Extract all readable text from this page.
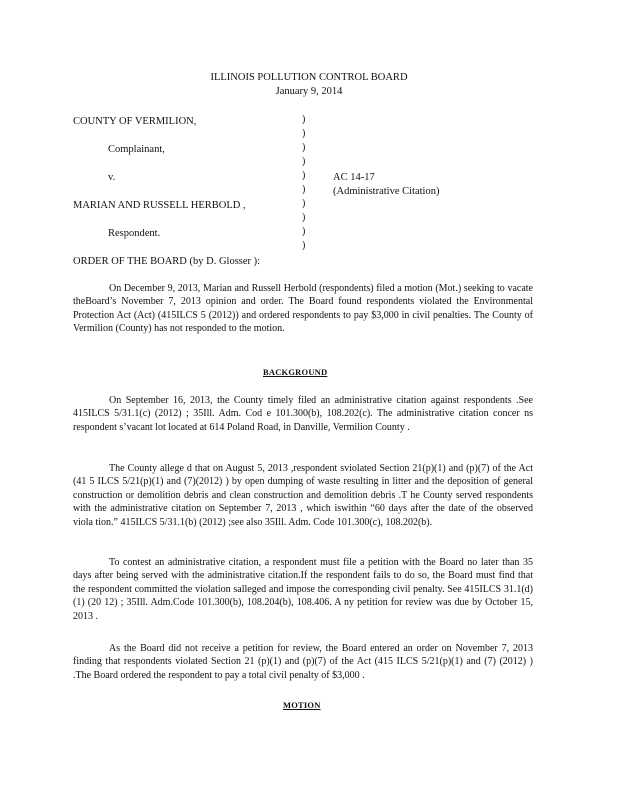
ILLINOIS POLLUTION CONTROL BOARD
January 9, 2014
COUNTY OF VERMILION,
Complainant,
v.
MARIAN AND RUSSELL HERBOLD ,
Respondent.
AC 14-17
(Administrative Citation)
)
)
)
)
)
)
)
)
)
)
ORDER OF THE BOARD (by D. Glosser ):
On December 9, 2013, Marian and Russell Herbold (respondents) filed a motion (Mot.) seeking to vacate theBoard’s November 7, 2013 opinion and order. The Board found respondents violated the Environmental Protection Act (Act) (415ILCS 5 (2012)) and ordered respondents to pay $3,000 in civil penalties. The County of Vermilion (County) has not responded to the motion.
BACKGROUND
On September 16, 2013, the County timely filed an administrative citation against respondents .See 415ILCS 5/31.1(c) (2012) ; 35Ill. Adm. Cod e 101.300(b), 108.202(c). The administrative citation concer ns respondent s’vacant lot located at 614 Poland Road, in Danville, Vermilion County .
The County allege d that on August 5, 2013 ,respondent sviolated Section 21(p)(1) and (p)(7) of the Act (41 5 ILCS 5/21(p)(1) and (7)(2012) ) by open dumping of waste resulting in litter and the deposition of general construction or demolition debris and clean construction and demolition debris .T he County served respondents with the administrative citation on September 7, 2013 , which iswithin “60 days after the date of the observed viola tion.” 415ILCS 5/31.1(b) (2012) ;see also 35Ill. Adm. Code 101.300(c), 108.202(b).
To contest an administrative citation, a respondent must file a petition with the Board no later than 35 days after being served with the administrative citation.If the respondent fails to do so, the Board must find that the respondent committed the violation salleged and impose the corresponding civil penalty. See 415ILCS 31.1(d)(1) (20 12) ; 35Ill. Adm.Code 101.300(b), 108.204(b), 108.406. A ny petition for review was due by October 15, 2013 .
As the Board did not receive a petition for review, the Board entered an order on November 7, 2013 finding that respondents violated Section 21 (p)(1) and (p)(7) of the Act (415 ILCS 5/21(p)(1) and (7) (2012) ) .The Board ordered the respondent to pay a total civil penalty of $3,000 .
MOTION
